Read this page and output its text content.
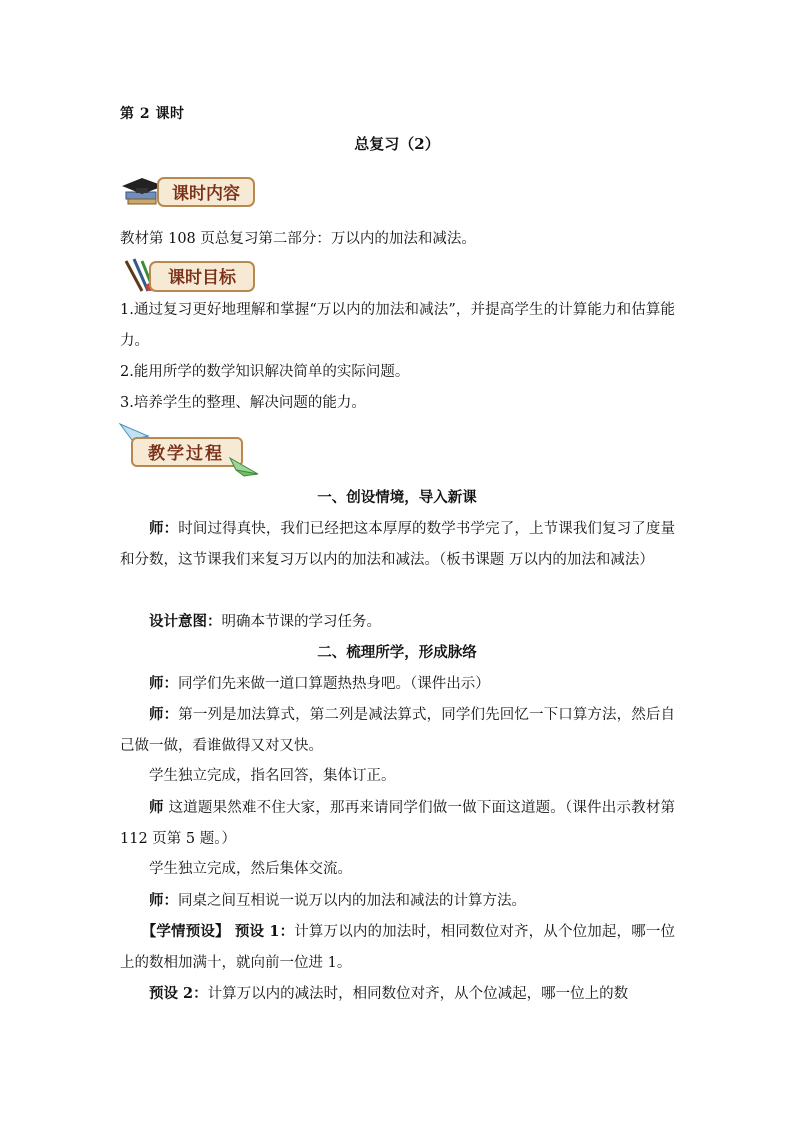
第 2 课时
总复习（2）
课时内容

教材第 108 页总复习第二部分：万以内的加法和减法。

课时目标

1.通过复习更好地理解和掌握“万以内的加法和减法”，并提高学生的计算能力和估算能力。

2.能用所学的数学知识解决简单的实际问题。

3.培养学生的整理、解决问题的能力。

教学过程
一、创设情境，导入新课

师：时间过得真快，我们已经把这本厚厚的数学书学完了，上节课我们复习了度量和分数，这节课我们来复习万以内的加法和减法。（板书课题 万以内的加法和减法）

设计意图：明确本节课的学习任务。

二、梳理所学，形成脉络

师：同学们先来做一道口算题热热身吧。（课件出示）

师：第一列是加法算式，第二列是减法算式，同学们先回忆一下口算方法，然后自己做一做，看谁做得又对又快。

学生独立完成，指名回答，集体订正。

师 这道题果然难不住大家，那再来请同学们做一做下面这道题。（课件出示教材第 112 页第 5 题。）

学生独立完成，然后集体交流。

师：同桌之间互相说一说万以内的加法和减法的计算方法。

【学情预设】 预设 1：计算万以内的加法时，相同数位对齐，从个位加起，哪一位上的数相加满十，就向前一位进 1。

预设 2：计算万以内的减法时，相同数位对齐，从个位减起，哪一位上的数
